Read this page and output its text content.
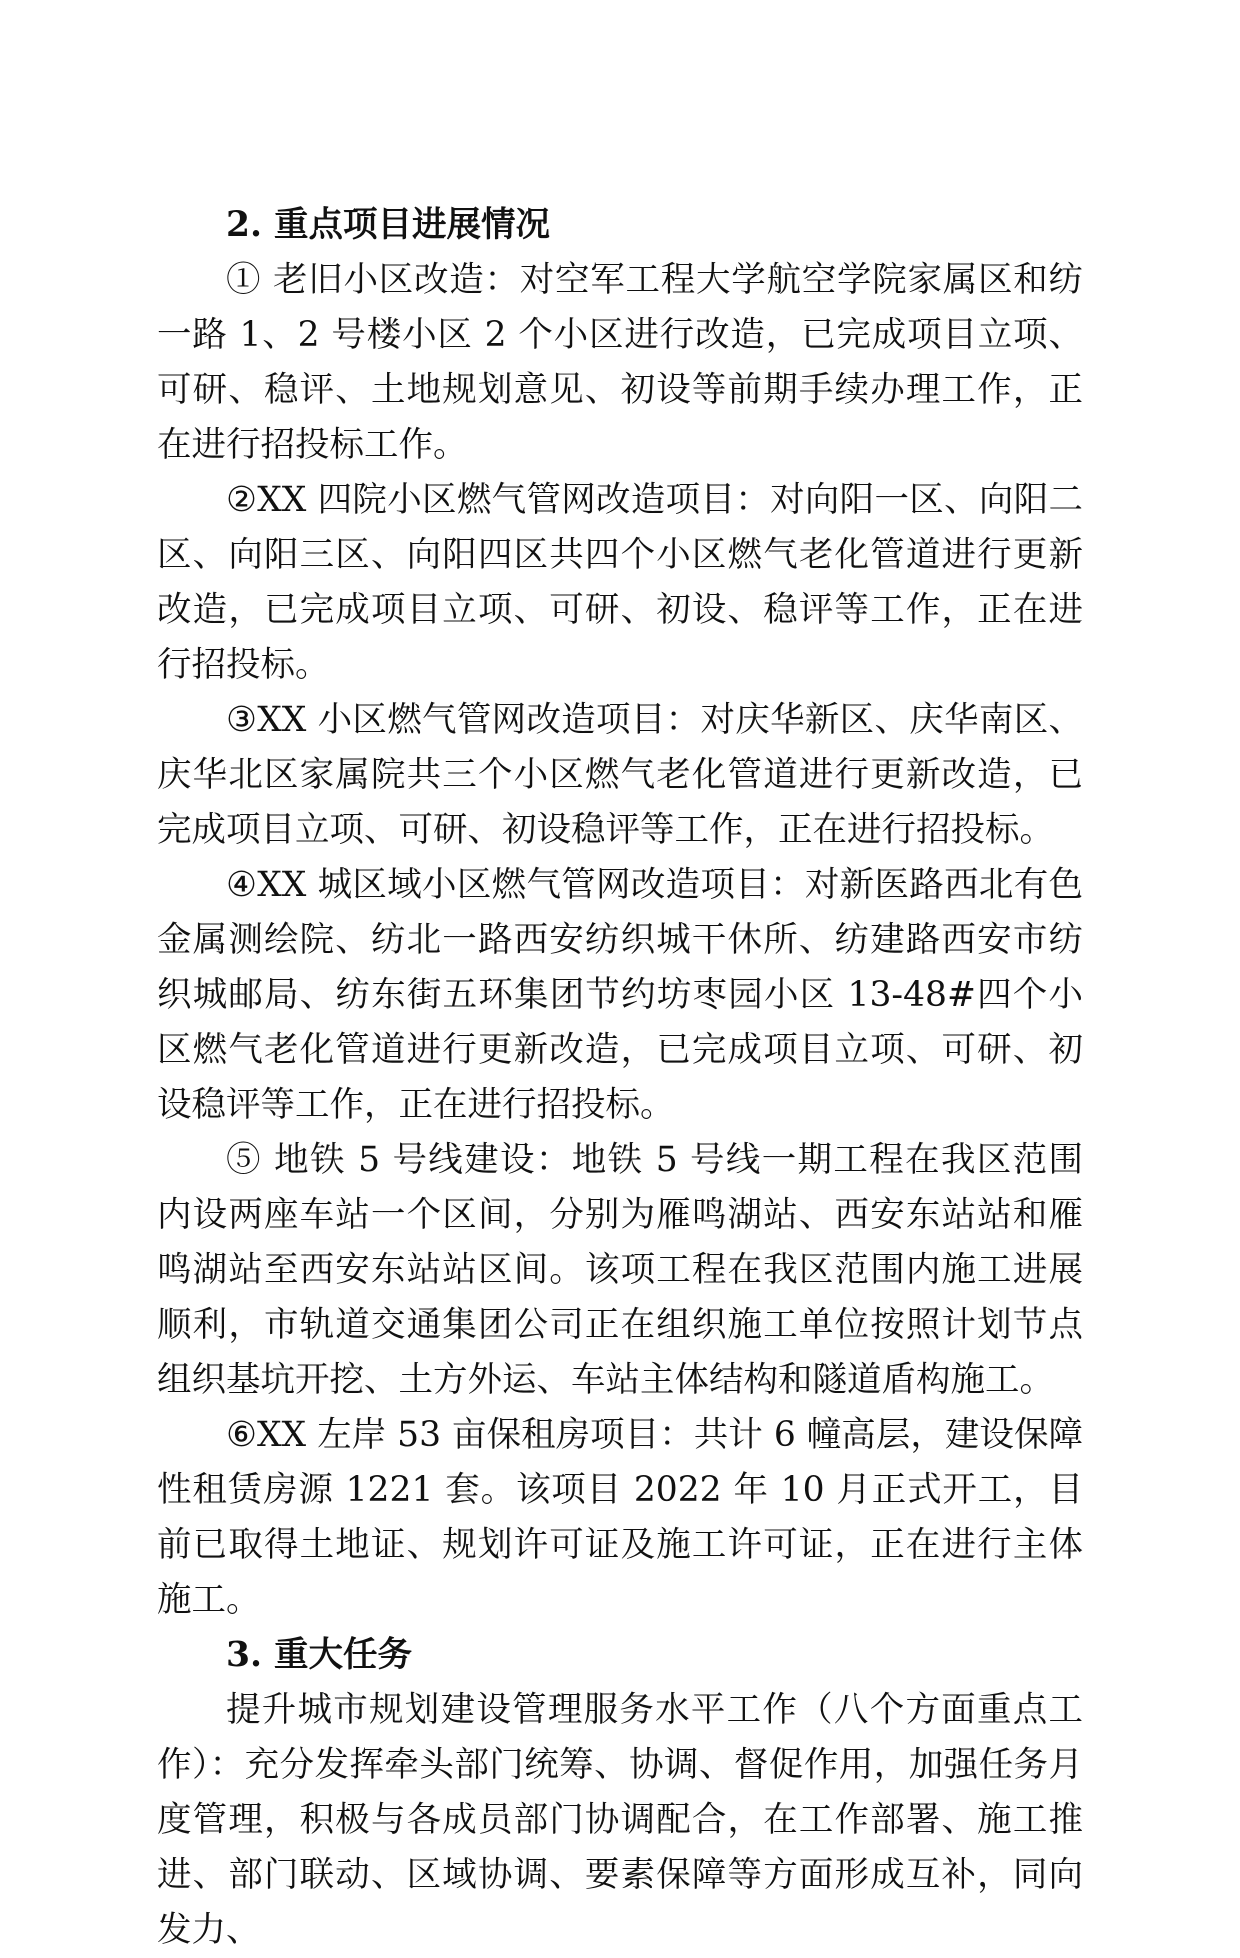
2. 重点项目进展情况

① 老旧小区改造：对空军工程大学航空学院家属区和纺一路 1、2 号楼小区 2 个小区进行改造，已完成项目立项、可研、稳评、土地规划意见、初设等前期手续办理工作，正在进行招投标工作。

②XX 四院小区燃气管网改造项目：对向阳一区、向阳二区、向阳三区、向阳四区共四个小区燃气老化管道进行更新改造，已完成项目立项、可研、初设、稳评等工作，正在进行招投标。

③XX 小区燃气管网改造项目：对庆华新区、庆华南区、庆华北区家属院共三个小区燃气老化管道进行更新改造，已完成项目立项、可研、初设稳评等工作，正在进行招投标。

④XX 城区域小区燃气管网改造项目：对新医路西北有色金属测绘院、纺北一路西安纺织城干休所、纺建路西安市纺织城邮局、纺东街五环集团节约坊枣园小区 13-48#四个小区燃气老化管道进行更新改造，已完成项目立项、可研、初设稳评等工作，正在进行招投标。

⑤ 地铁 5 号线建设：地铁 5 号线一期工程在我区范围内设两座车站一个区间，分别为雁鸣湖站、西安东站站和雁鸣湖站至西安东站站区间。该项工程在我区范围内施工进展顺利，市轨道交通集团公司正在组织施工单位按照计划节点组织基坑开挖、土方外运、车站主体结构和隧道盾构施工。

⑥XX 左岸 53 亩保租房项目：共计 6 幢高层，建设保障性租赁房源 1221 套。该项目 2022 年 10 月正式开工，目前已取得土地证、规划许可证及施工许可证，正在进行主体施工。

3. 重大任务

提升城市规划建设管理服务水平工作（八个方面重点工作）：充分发挥牵头部门统筹、协调、督促作用，加强任务月度管理，积极与各成员部门协调配合，在工作部署、施工推进、部门联动、区域协调、要素保障等方面形成互补，同向发力、
